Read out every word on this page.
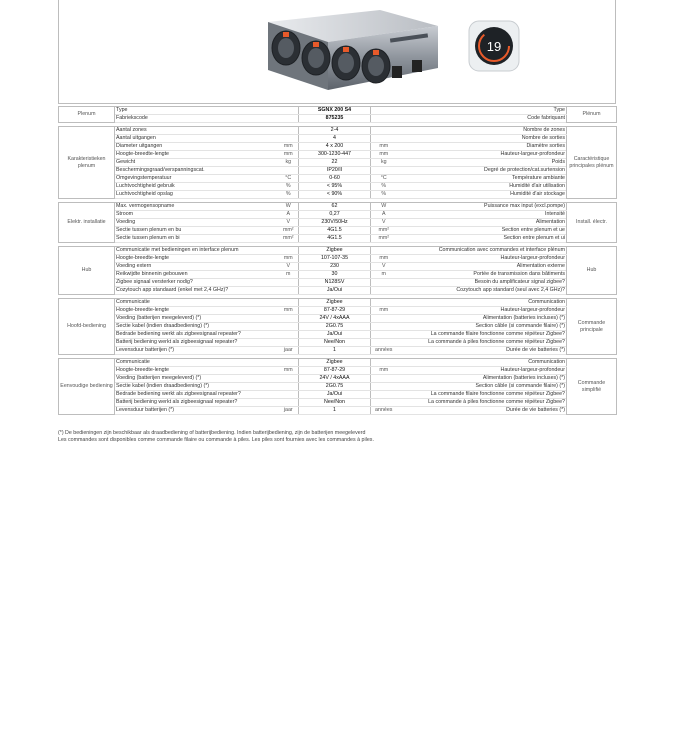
19
Plenum	Type		SGNX 200 S4		Type	Plénum
	Fabriekscode		875235		Code fabriquant	

Karakteristieken plenum	Aantal zones		2-4		Nombre de zones	Caractéristique principales plénum
	Aantal uitgangen		4		Nombre de sorties	
	Diameter uitgangen	mm	4 x 200	mm	Diamètre sorties	
	Hoogte-breedte-lengte	mm	300-1230-447	mm	Hauteur-largeur-profondeur	
	Gewicht	kg	22	kg	Poids	
	Beschermingsgraad/verspanningscat.		IP20/II		Degré de protection/cat.surtension	
	Omgevingstemperatuur	°C	0-60	°C	Température ambiante	
	Luchtvochtigheid gebruik	%	< 95%	%	Humidité d'air utilisation	
	Luchtvochtigheid opslag	%	< 90%	%	Humidité d'air stockage	

Elektr. installatie	Max. vermogensopname	W	62	W	Puissance max input (excl.pompe)	Install. électr.
	Stroom	A	0,27	A	Intensité	
	Voeding	V	230V/50Hz	V	Alimentation	
	Sectie tussen plenum en bu	mm²	4G1.5	mm²	Section entre plenum et ue	
	Sectie tussen plenum en bi	mm²	4G1.5	mm²	Section entre plenum et ui	

Hub	Communicatie met bedieningen en interface plenum		Zigbee		Communication avec commandes et interface plénum	Hub
	Hoogte-breedte-lengte	mm	107-107-35	mm	Hauteur-largeur-profondeur	
	Voeding extern	V	230	V	Alimentation externe	
	Reikwijdte binnenin gebouwen	m	30	m	Portée de transmission dans bâtiments	
	Zigbee signaal versterker nodig?		N128SV		Besoin du amplificateur signal zigbee?	
	Cozytouch app standaard (enkel met 2,4 GHz)?		Ja/Oui		Cozytouch app standard (seul avec 2,4 GHz)?	

Hoofd-bediening	Communicatie		Zigbee		Communication	Commande principale
	Hoogte-breedte-lengte	mm	87-87-29	mm	Hauteur-largeur-profondeur	
	Voeding (batterijen meegeleverd) (*)		24V / 4xAAA		Alimentation (batteries incluses) (*)	
	Sectie kabel (indien draadbediening) (*)		2G0.75		Section câble (si commande filaire) (*)	
	Bedrade bediening werkt als zigbeesignaal repeater?		Ja/Oui		La commande filaire fonctionne comme répéteur Zigbee?	
	Batterij bediening werkt als zigbeesignaal repeater?		Nee/Non		La commande à piles fonctionne comme répéteur Zigbee?	
	Levensduur batterijen (*)	jaar	1	années	Durée de vie batteries (*)	

Eenvoudige bediening	Communicatie		Zigbee		Communication	Commande simplifié
	Hoogte-breedte-lengte	mm	87-87-29	mm	Hauteur-largeur-profondeur	
	Voeding (batterijen meegeleverd) (*)		24V / 4xAAA		Alimentation (batteries incluses) (*)	
	Sectie kabel (indien draadbediening) (*)		2G0.75		Section câble (si commande filaire) (*)	
	Bedrade bediening werkt als zigbeesignaal repeater?		Ja/Oui		La commande filaire fonctionne comme répéteur Zigbee?	
	Batterij bediening werkt als zigbeesignaal repeater?		Nee/Non		La commande à piles fonctionne comme répéteur Zigbee?	
	Levensduur batterijen (*)	jaar	1	années	Durée de vie batteries (*)	
(*) De bedieningen zijn beschikbaar als draadbediening of batterijbediening. Indien batterijbediening, zijn de batterijen meegeleverd
Les commandes sont disponibles comme commande filaire ou commande à piles. Les piles sont fournies avec les commandes à piles.
